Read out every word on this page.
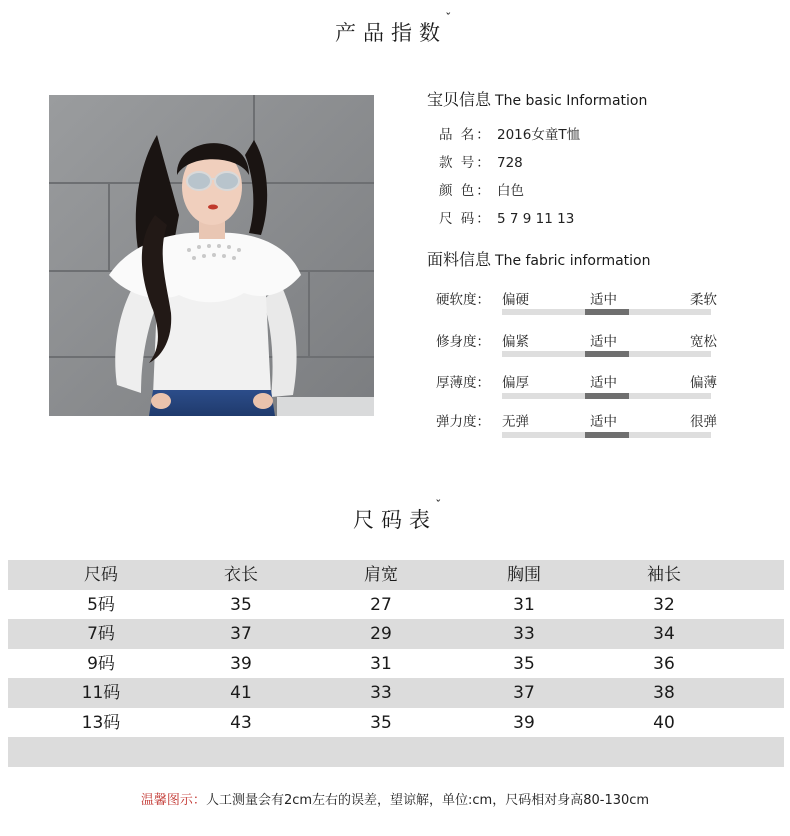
产品指数
ˇ
宝贝信息 The basic Information
品 名： 2016女童T恤
款 号： 728
颜 色： 白色
尺 码： 5 7 9 11 13
面料信息 The fabric information
硬软度： 偏硬	适中	柔软
修身度： 偏紧	适中	宽松
厚薄度： 偏厚	适中	偏薄
弹力度： 无弹	适中	很弹
尺码表
ˇ
尺码	衣长	肩宽	胸围	袖长
5码	35	27	31	32
7码	37	29	33	34
9码	39	31	35	36
11码	41	33	37	38
13码	43	35	39	40
温馨图示：人工测量会有2cm左右的误差，望谅解，单位:cm，尺码相对身高80-130cm
